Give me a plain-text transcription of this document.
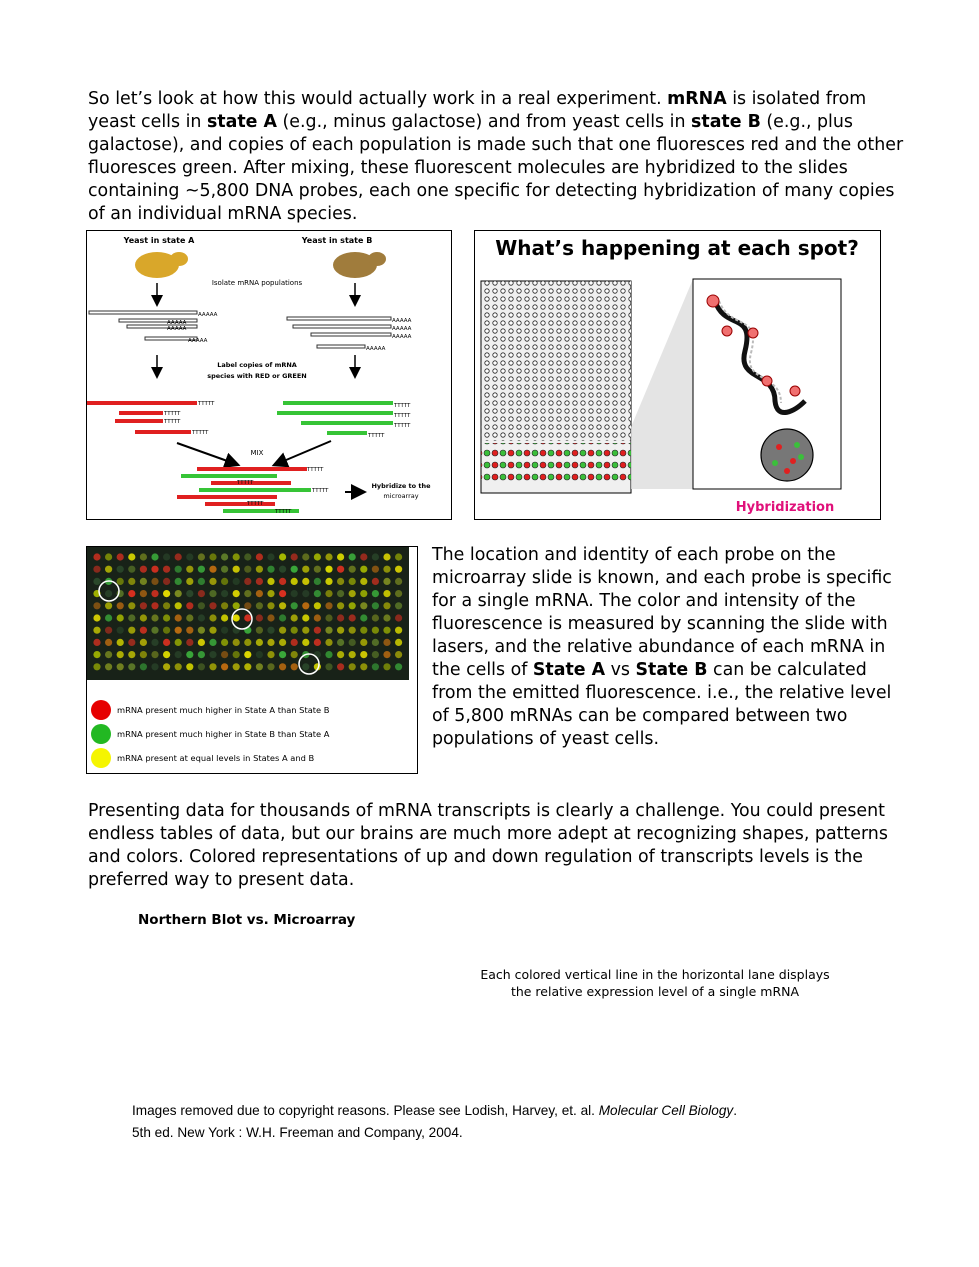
So let’s look at how this would actually work in a real experiment. mRNA is isolated from yeast cells in state A (e.g., minus galactose) and from yeast cells in state B (e.g., plus galactose), and copies of each population is made such that one fluoresces red and the other fluoresces green. After mixing, these fluorescent molecules are hybridized to the slides containing ~5,800 DNA probes, each one specific for detecting hybridization of many copies of an individual mRNA species.
Yeast in state A	Yeast in state B
Isolate mRNA populations
AAAAA
AAAAA
AAAAA
AAAAA
AAAAA
AAAAA
AAAAA
AAAAA
Label copies of mRNA
species with RED or GREEN
TTTTT
TTTTT
TTTTT
TTTTT
TTTTT
TTTTT
TTTTT
TTTTT
MIX
TTTTT
TTTTT
TTTTT
TTTTT
TTTTT
Hybridize to the
microarray
What’s happening at each spot?
Hybridization
mRNA present much higher in State A than State B
mRNA present much higher in State B than State A
mRNA present at equal levels in States A and B
The location and identity of each probe on the microarray slide is known, and each probe is specific for a single mRNA. The color and intensity of the fluorescence is measured by scanning the slide with lasers, and the relative abundance of each mRNA in the cells of State A vs State B can be calculated from the emitted fluorescence. i.e., the relative level of 5,800 mRNAs can be compared between two populations of yeast cells.
Presenting data for thousands of mRNA transcripts is clearly a challenge. You could present endless tables of data, but our brains are much more adept at recognizing shapes, patterns and colors. Colored representations of up and down regulation of transcripts levels is the preferred way to present data.
Northern Blot vs. Microarray
Each colored vertical line in the horizontal lane displays
the relative expression level of a single mRNA
Images removed due to copyright reasons. Please see Lodish, Harvey, et. al. Molecular Cell Biology.
5th ed. New York : W.H. Freeman and Company, 2004.
